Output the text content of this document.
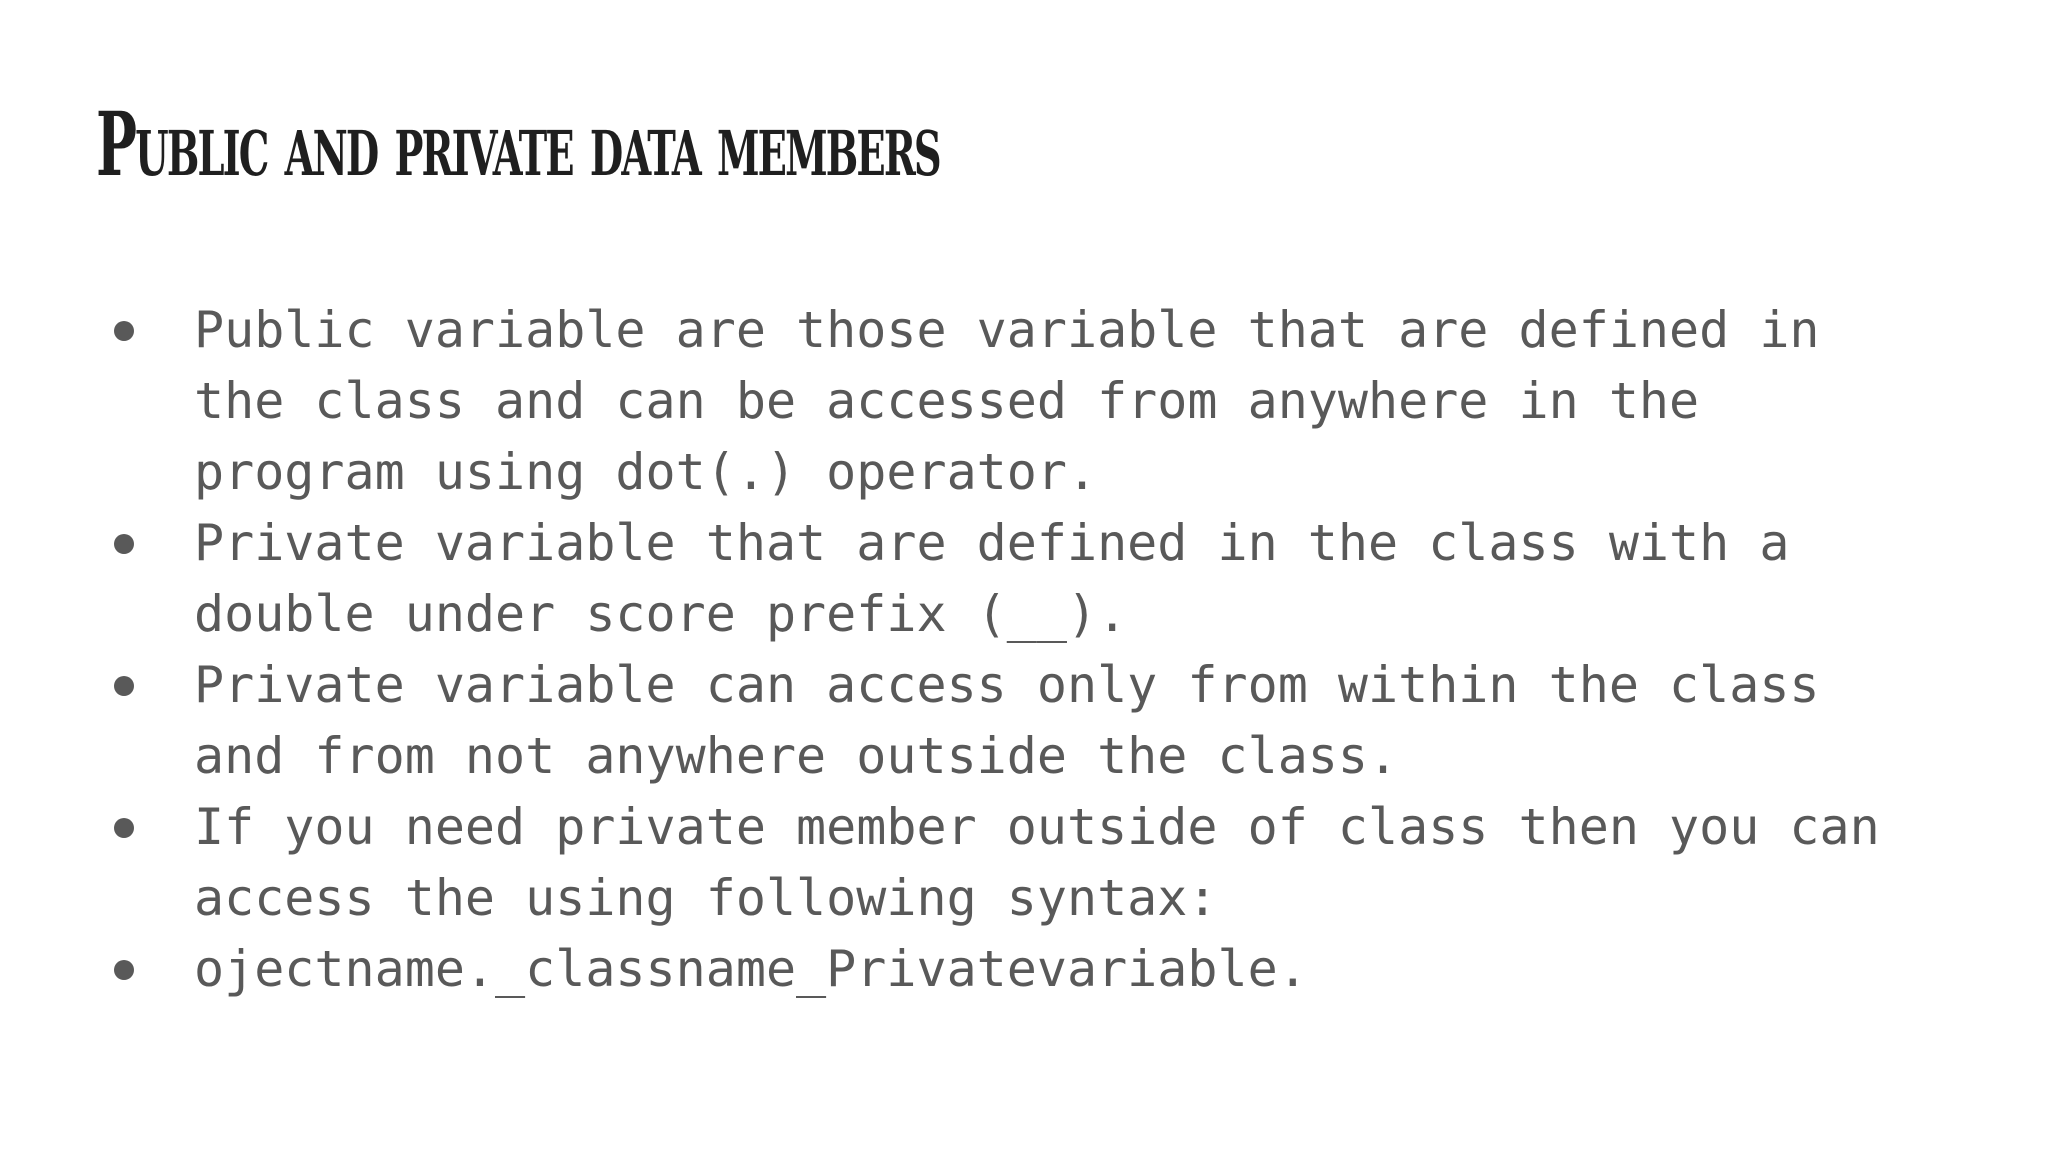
Public and private data members
Public variable are those variable that are defined in
the class and can be accessed from anywhere in the
program using dot(.) operator.
Private variable that are defined in the class with a
double under score prefix (__).
Private variable can access only from within the class
and from not anywhere outside the class.
If you need private member outside of class then you can
access the using following syntax:
ojectname._classname_Privatevariable.
